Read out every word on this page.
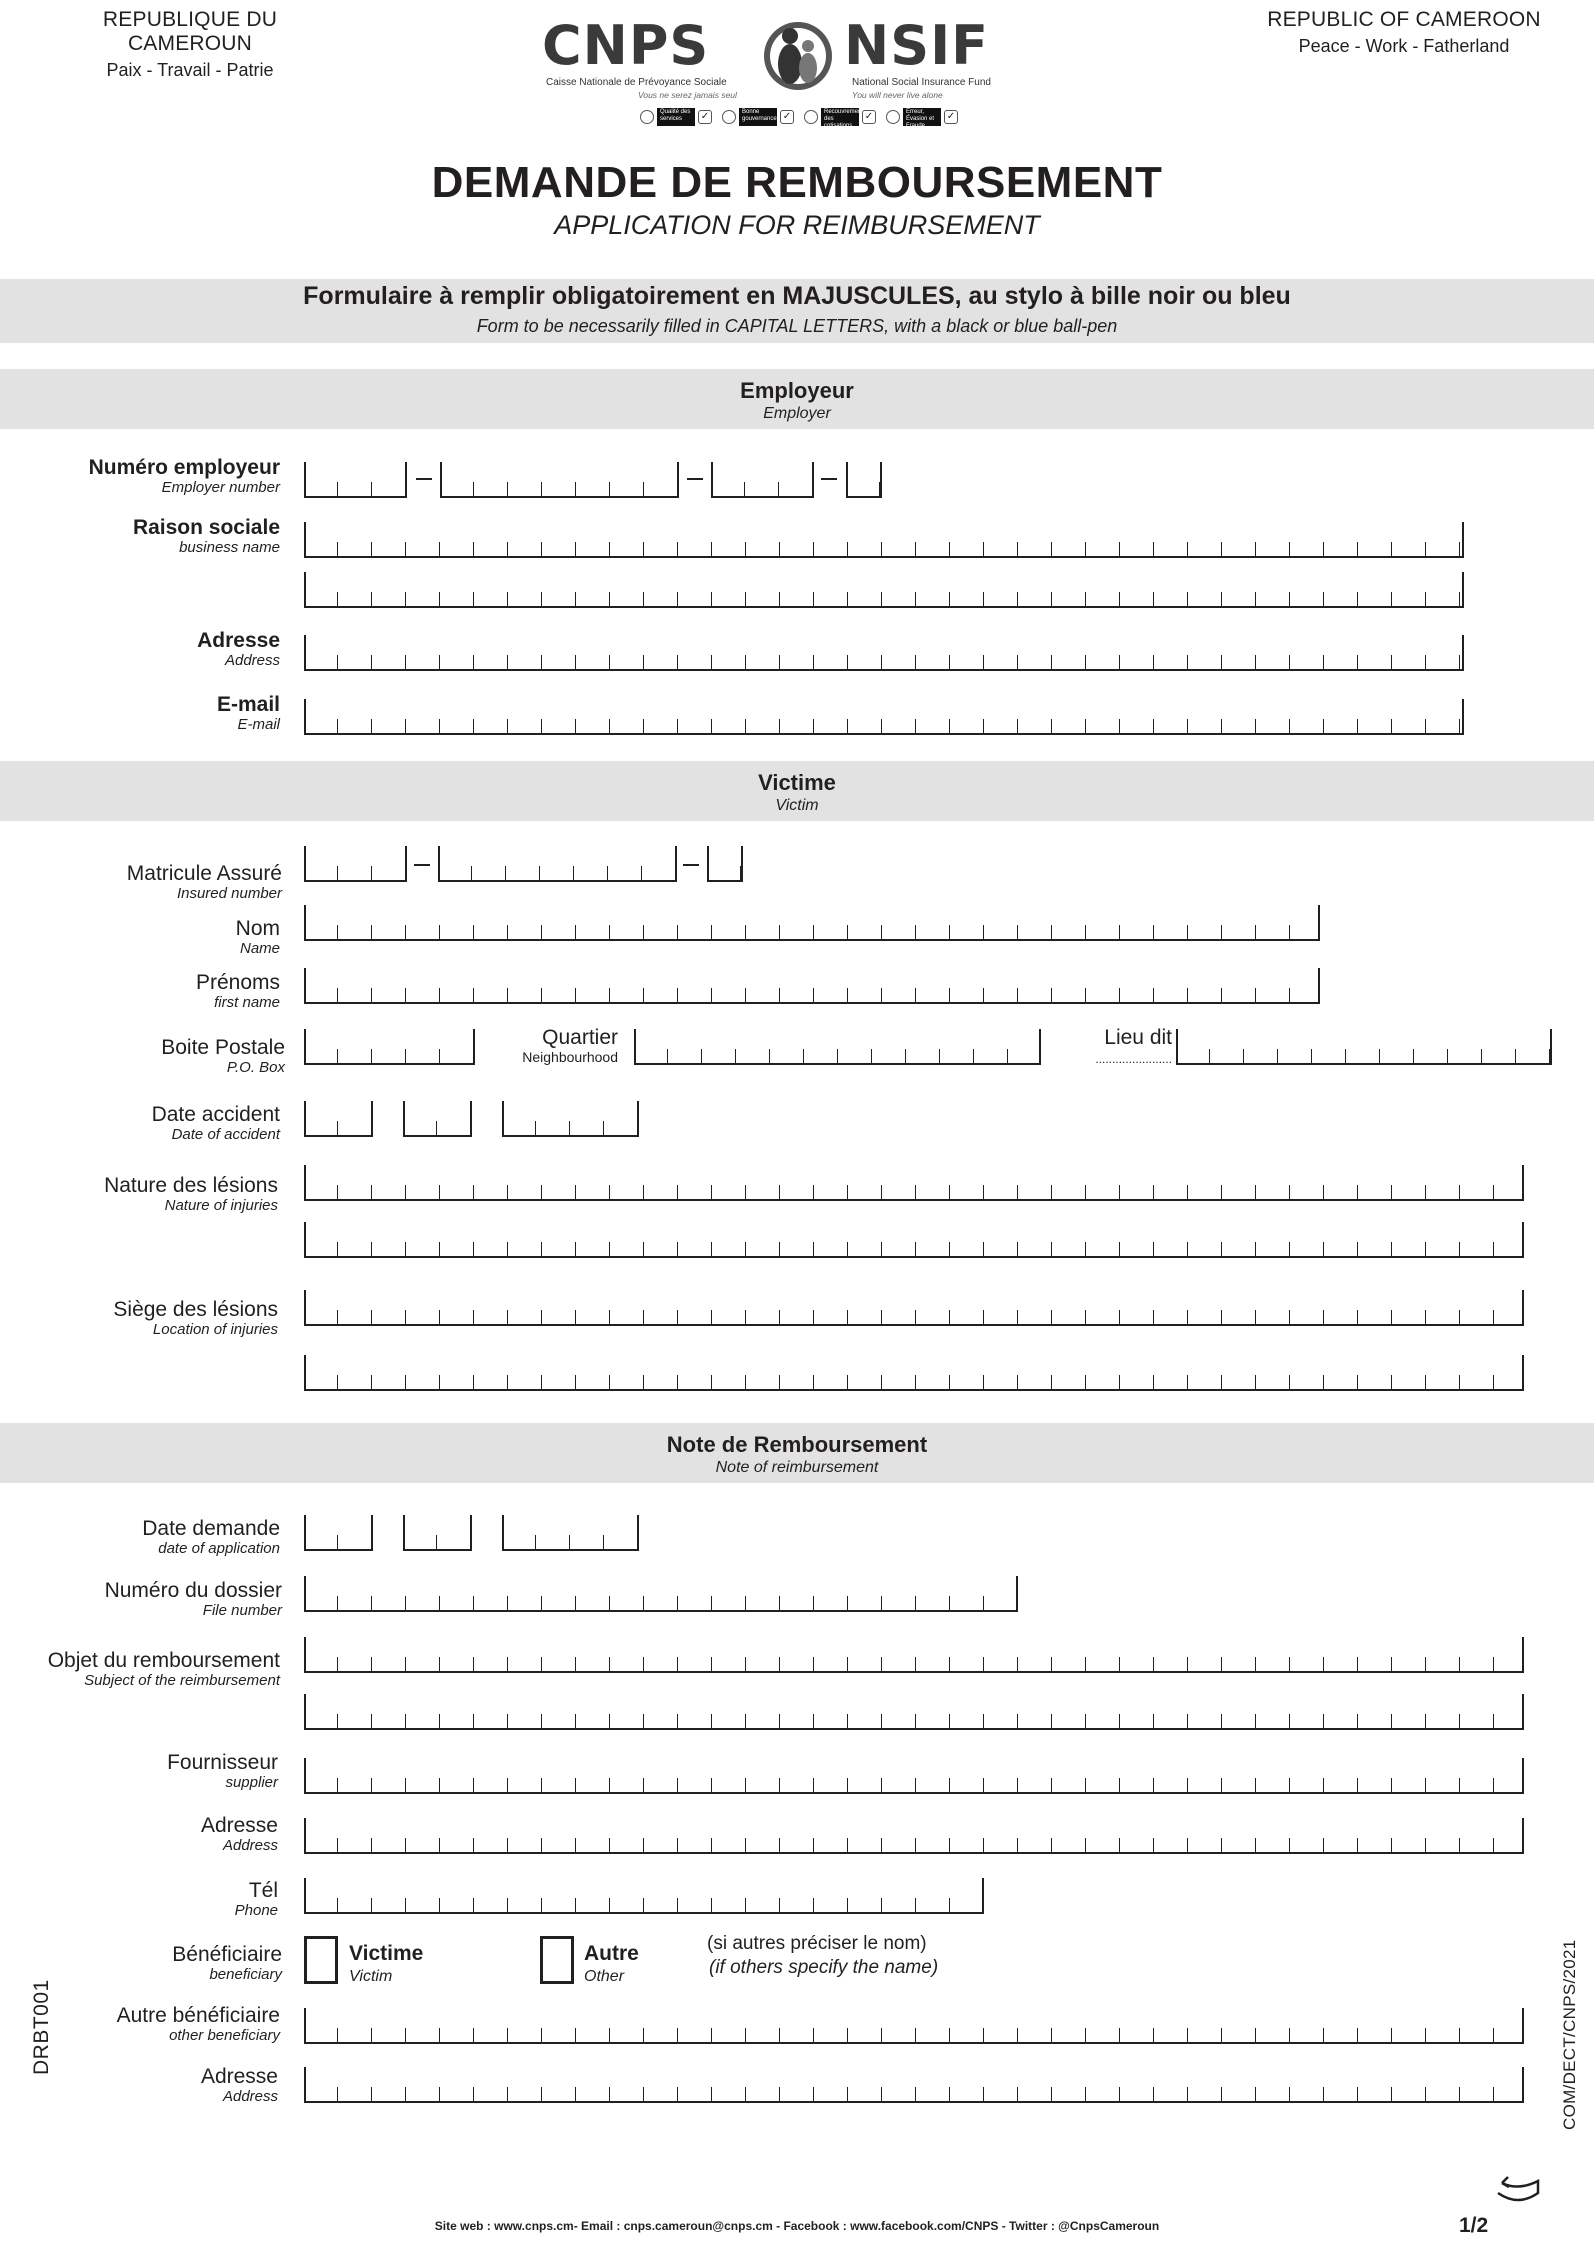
REPUBLIQUE DU CAMEROUN
Paix - Travail - Patrie
REPUBLIC OF CAMEROON
Peace - Work - Fatherland
CNPS NSIF
Caisse Nationale de Prévoyance Sociale
Vous ne serez jamais seul
National Social Insurance Fund
You will never live alone
Qualité des services	✓	Bonne gouvernance ✓	Recouvrement des cotisations
✓	Erreur, Évasion et Fraude
✓
DEMANDE DE REMBOURSEMENT
APPLICATION FOR REIMBURSEMENT
Formulaire à remplir obligatoirement en MAJUSCULES, au stylo à bille noir ou bleu
Form to be necessarily filled in CAPITAL LETTERS, with a black or blue ball-pen
Employeur
Employer
Numéro employeur
Employer number
Raison sociale
business name
Adresse
Address
E-mail
E-mail
Victime
Victim
Matricule Assuré
Insured number
Nom
Name
Prénoms
first name
Boite Postale
P.O. Box
Quartier
Neighbourhood
Lieu dit
.......................
Date accident
Date of accident
Nature des lésions
Nature of injuries
Siège des lésions
Location of injuries
Note de Remboursement
Note of reimbursement
Date demande
date of application
Numéro du dossier
File number
Objet du remboursement
Subject of the reimbursement
Fournisseur
supplier
Adresse
Address
Tél
Phone
Bénéficiaire
beneficiary
Victime
Victim
Autre
Other
(si autres préciser le nom)
(if others specify the name)
Autre bénéficiaire
other beneficiary
Adresse
Address
DRBT001	COM/DECT/CNPS/2021
Site web : www.cnps.cm- Email : cnps.cameroun@cnps.cm - Facebook : www.facebook.com/CNPS - Twitter : @CnpsCameroun	1/2
